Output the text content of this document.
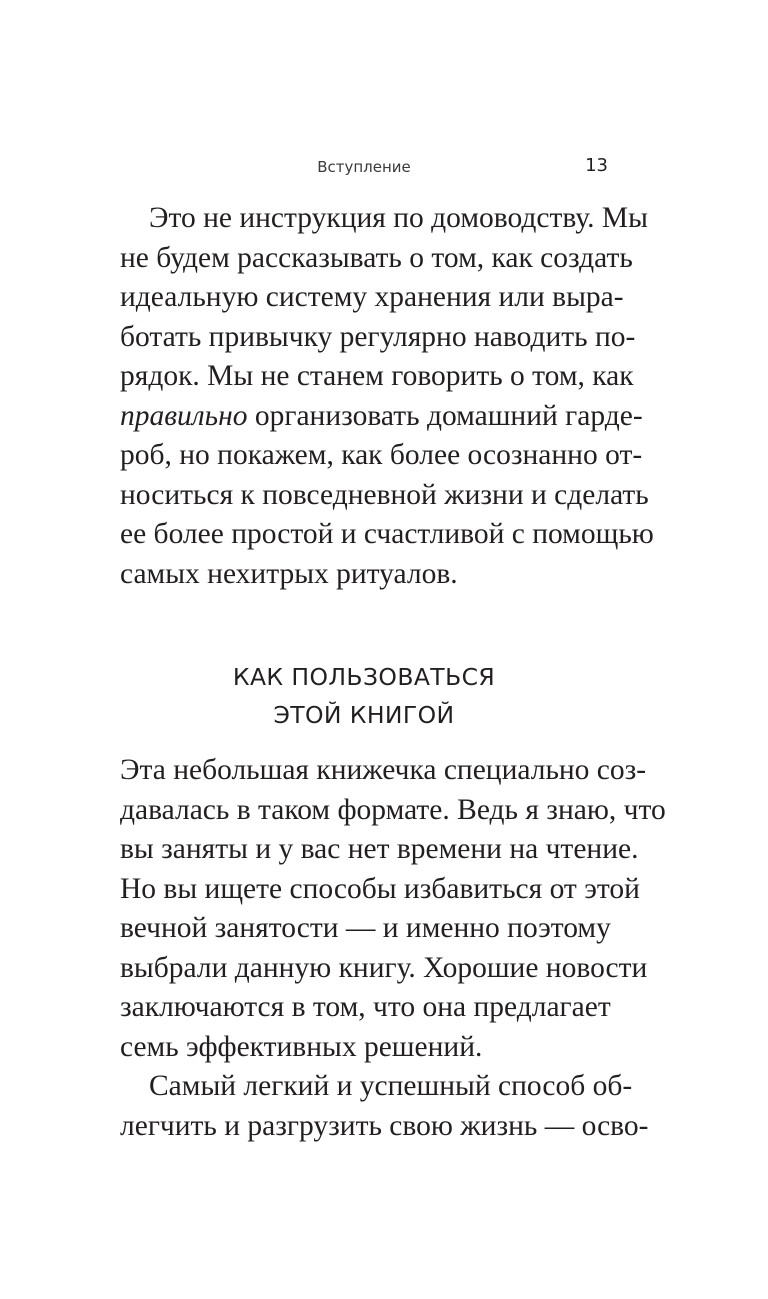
Вступление	13
Это не инструкция по домоводству. Мы
не будем рассказывать о том, как создать
идеальную систему хранения или выра-
ботать привычку регулярно наводить по-
рядок. Мы не станем говорить о том, как
правильно организовать домашний гарде-
роб, но покажем, как более осознанно от-
носиться к повседневной жизни и сделать
ее более простой и счастливой с помощью
самых нехитрых ритуалов.
КАК ПОЛЬЗОВАТЬСЯ
ЭТОЙ КНИГОЙ
Эта небольшая книжечка специально соз-
давалась в таком формате. Ведь я знаю, что
вы заняты и у вас нет времени на чтение.
Но вы ищете способы избавиться от этой
вечной занятости — и именно поэтому
выбрали данную книгу. Хорошие новости
заключаются в том, что она предлагает
семь эффективных решений.
Самый легкий и успешный способ об-
легчить и разгрузить свою жизнь — осво-
